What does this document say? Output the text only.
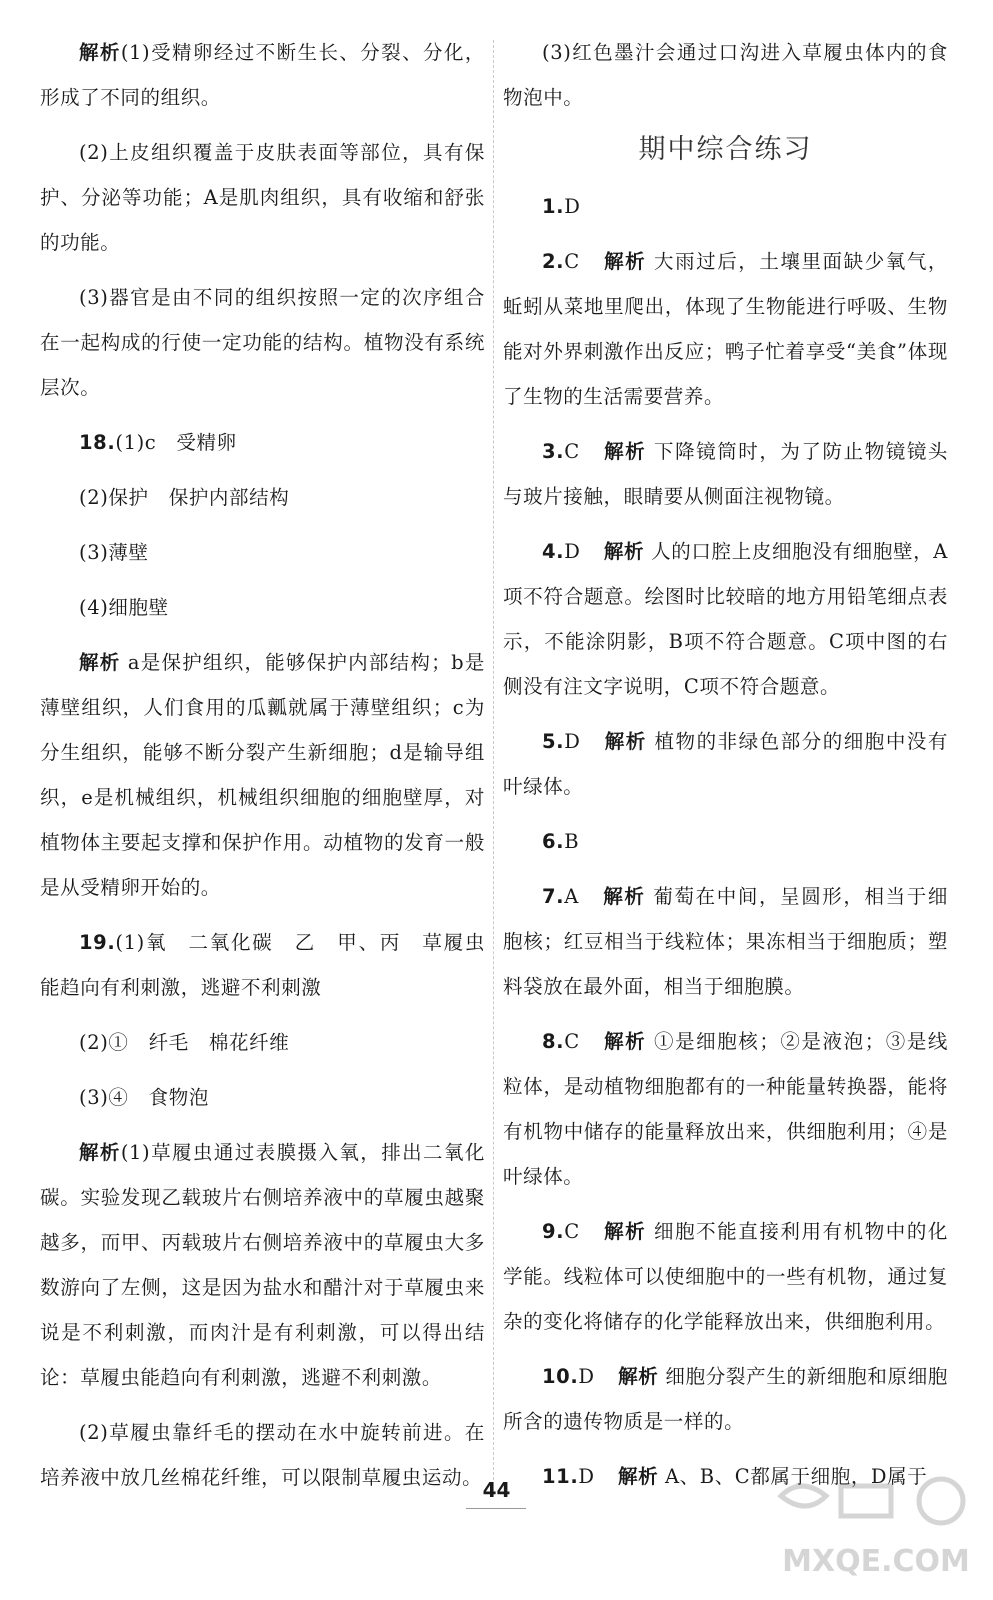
解析(1)受精卵经过不断生长、分裂、分化，形成了不同的组织。

(2)上皮组织覆盖于皮肤表面等部位，具有保护、分泌等功能；A是肌肉组织，具有收缩和舒张的功能。

(3)器官是由不同的组织按照一定的次序组合在一起构成的行使一定功能的结构。植物没有系统层次。

18.(1)c　受精卵

(2)保护　保护内部结构

(3)薄壁

(4)细胞壁

解析 a是保护组织，能够保护内部结构；b是薄壁组织，人们食用的瓜瓤就属于薄壁组织；c为分生组织，能够不断分裂产生新细胞；d是输导组织，e是机械组织，机械组织细胞的细胞壁厚，对植物体主要起支撑和保护作用。动植物的发育一般是从受精卵开始的。

19.(1)氧　二氧化碳　乙　甲、丙　草履虫能趋向有利刺激，逃避不利刺激

(2)①　纤毛　棉花纤维

(3)④　食物泡

解析(1)草履虫通过表膜摄入氧，排出二氧化碳。实验发现乙载玻片右侧培养液中的草履虫越聚越多，而甲、丙载玻片右侧培养液中的草履虫大多数游向了左侧，这是因为盐水和醋汁对于草履虫来说是不利刺激，而肉汁是有利刺激，可以得出结论：草履虫能趋向有利刺激，逃避不利刺激。

(2)草履虫靠纤毛的摆动在水中旋转前进。在培养液中放几丝棉花纤维，可以限制草履虫运动。

(3)红色墨汁会通过口沟进入草履虫体内的食物泡中。

期中综合练习

1.D

2.C 解析 大雨过后，土壤里面缺少氧气，蚯蚓从菜地里爬出，体现了生物能进行呼吸、生物能对外界刺激作出反应；鸭子忙着享受“美食”体现了生物的生活需要营养。

3.C 解析 下降镜筒时，为了防止物镜镜头与玻片接触，眼睛要从侧面注视物镜。

4.D 解析 人的口腔上皮细胞没有细胞壁，A项不符合题意。绘图时比较暗的地方用铅笔细点表示，不能涂阴影，B项不符合题意。C项中图的右侧没有注文字说明，C项不符合题意。

5.D 解析 植物的非绿色部分的细胞中没有叶绿体。

6.B

7.A 解析 葡萄在中间，呈圆形，相当于细胞核；红豆相当于线粒体；果冻相当于细胞质；塑料袋放在最外面，相当于细胞膜。

8.C 解析 ①是细胞核；②是液泡；③是线粒体，是动植物细胞都有的一种能量转换器，能将有机物中储存的能量释放出来，供细胞利用；④是叶绿体。

9.C 解析 细胞不能直接利用有机物中的化学能。线粒体可以使细胞中的一些有机物，通过复杂的变化将储存的化学能释放出来，供细胞利用。

10.D 解析 细胞分裂产生的新细胞和原细胞所含的遗传物质是一样的。

11.D 解析 A、B、C都属于细胞，D属于

44
MXQE.COM
